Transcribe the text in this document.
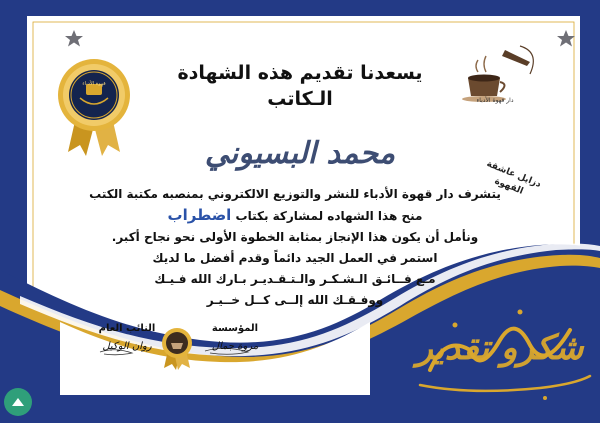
قهوة الأدباء
دار قهوة الأدباء
يسعدنا تقديم هذه الشهادة
الـكاتب
محمد البسيوني
دزايل عاشقة القهوة
يتشرف دار قهوة الأدباء للنشر والتوزيع الالكتروني بمنصبه مكتبة الكتب
منح هذا الشهاده لمشاركة بكتاب اضطراب
ونأمل أن يكون هذا الإنجاز بمثابة الخطوة الأولى نحو نجاح أكبر.
استمر في العمل الجيد دائماً وقدم أفضل ما لديك
مـع فــائـق الـشـكـر والـتـقـديـر بـارك الله فـيـك
ووفـقـك الله إلــى كــل خــيـر
النائب العام
روان الوكيل
المؤسسة
مروة جمال	شكرو تقدير
